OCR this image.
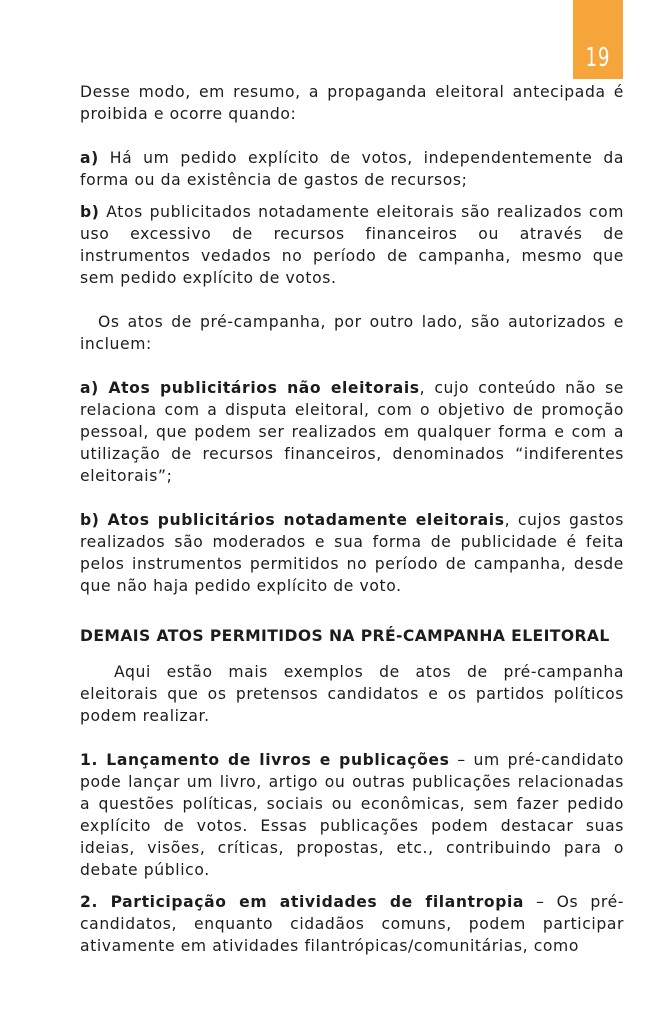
19

Desse modo, em resumo, a propaganda eleitoral antecipada é proibida e ocorre quando:

a) Há um pedido explícito de votos, independentemente da forma ou da existência de gastos de recursos;

b) Atos publicitados notadamente eleitorais são realizados com uso excessivo de recursos financeiros ou através de instrumentos vedados no período de campanha, mesmo que sem pedido explícito de votos.

Os atos de pré-campanha, por outro lado, são autorizados e incluem:

a) Atos publicitários não eleitorais, cujo conteúdo não se relaciona com a disputa eleitoral, com o objetivo de promoção pessoal, que podem ser realizados em qualquer forma e com a utilização de recursos financeiros, denominados “indiferentes eleitorais”;

b) Atos publicitários notadamente eleitorais, cujos gastos realizados são moderados e sua forma de publicidade é feita pelos instrumentos permitidos no período de campanha, desde que não haja pedido explícito de voto.

DEMAIS ATOS PERMITIDOS NA PRÉ-CAMPANHA ELEITORAL

Aqui estão mais exemplos de atos de pré-campanha eleitorais que os pretensos candidatos e os partidos políticos podem realizar.

1. Lançamento de livros e publicações – um pré-candidato pode lançar um livro, artigo ou outras publicações relacionadas a questões políticas, sociais ou econômicas, sem fazer pedido explícito de votos. Essas publicações podem destacar suas ideias, visões, críticas, propostas, etc., contribuindo para o debate público.

2. Participação em atividades de filantropia – Os pré-candidatos, enquanto cidadãos comuns, podem participar ativamente em atividades filantrópicas/comunitárias, como
